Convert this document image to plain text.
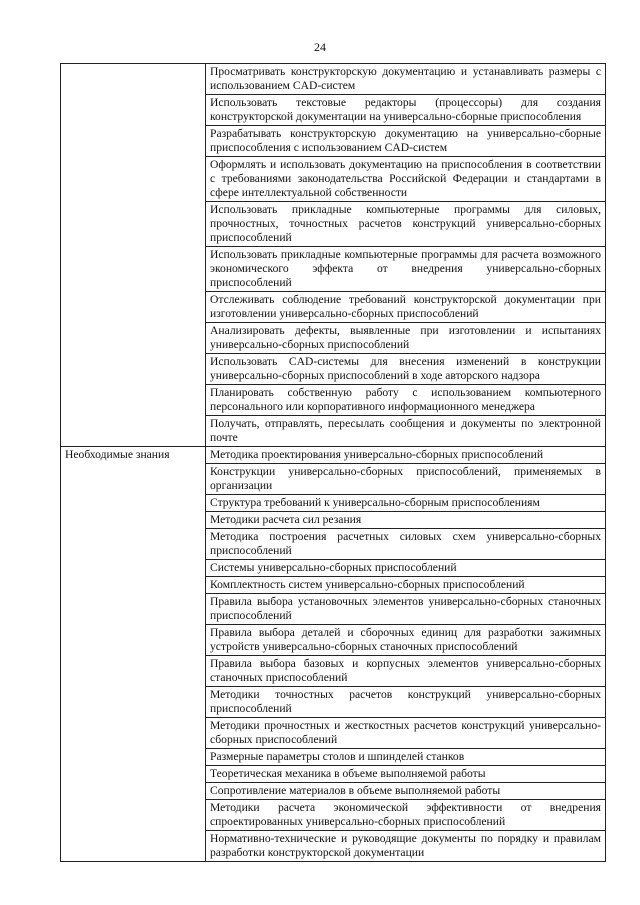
24
	Просматривать конструкторскую документацию и устанавливать размеры с использованием CAD-систем
	Использовать текстовые редакторы (процессоры) для создания конструкторской документации на универсально-сборные приспособления
	Разрабатывать конструкторскую документацию на универсально-сборные приспособления с использованием CAD-систем
	Оформлять и использовать документацию на приспособления в соответствии с требованиями законодательства Российской Федерации и стандартами в сфере интеллектуальной собственности
	Использовать прикладные компьютерные программы для силовых, прочностных, точностных расчетов конструкций универсально-сборных приспособлений
	Использовать прикладные компьютерные программы для расчета возможного экономического эффекта от внедрения универсально-сборных приспособлений
	Отслеживать соблюдение требований конструкторской документации при изготовлении универсально-сборных приспособлений
	Анализировать дефекты, выявленные при изготовлении и испытаниях универсально-сборных приспособлений
	Использовать CAD-системы для внесения изменений в конструкции универсально-сборных приспособлений в ходе авторского надзора
	Планировать собственную работу с использованием компьютерного персонального или корпоративного информационного менеджера
	Получать, отправлять, пересылать сообщения и документы по электронной почте
Необходимые знания	Методика проектирования универсально-сборных приспособлений
	Конструкции универсально-сборных приспособлений, применяемых в организации
	Структура требований к универсально-сборным приспособлениям
	Методики расчета сил резания
	Методика построения расчетных силовых схем универсально-сборных приспособлений
	Системы универсально-сборных приспособлений
	Комплектность систем универсально-сборных приспособлений
	Правила выбора установочных элементов универсально-сборных станочных приспособлений
	Правила выбора деталей и сборочных единиц для разработки зажимных устройств универсально-сборных станочных приспособлений
	Правила выбора базовых и корпусных элементов универсально-сборных станочных приспособлений
	Методики точностных расчетов конструкций универсально-сборных приспособлений
	Методики прочностных и жесткостных расчетов конструкций универсально-сборных приспособлений
	Размерные параметры столов и шпинделей станков
	Теоретическая механика в объеме выполняемой работы
	Сопротивление материалов в объеме выполняемой работы
	Методики расчета экономической эффективности от внедрения спроектированных универсально-сборных приспособлений
	Нормативно-технические и руководящие документы по порядку и правилам разработки конструкторской документации
